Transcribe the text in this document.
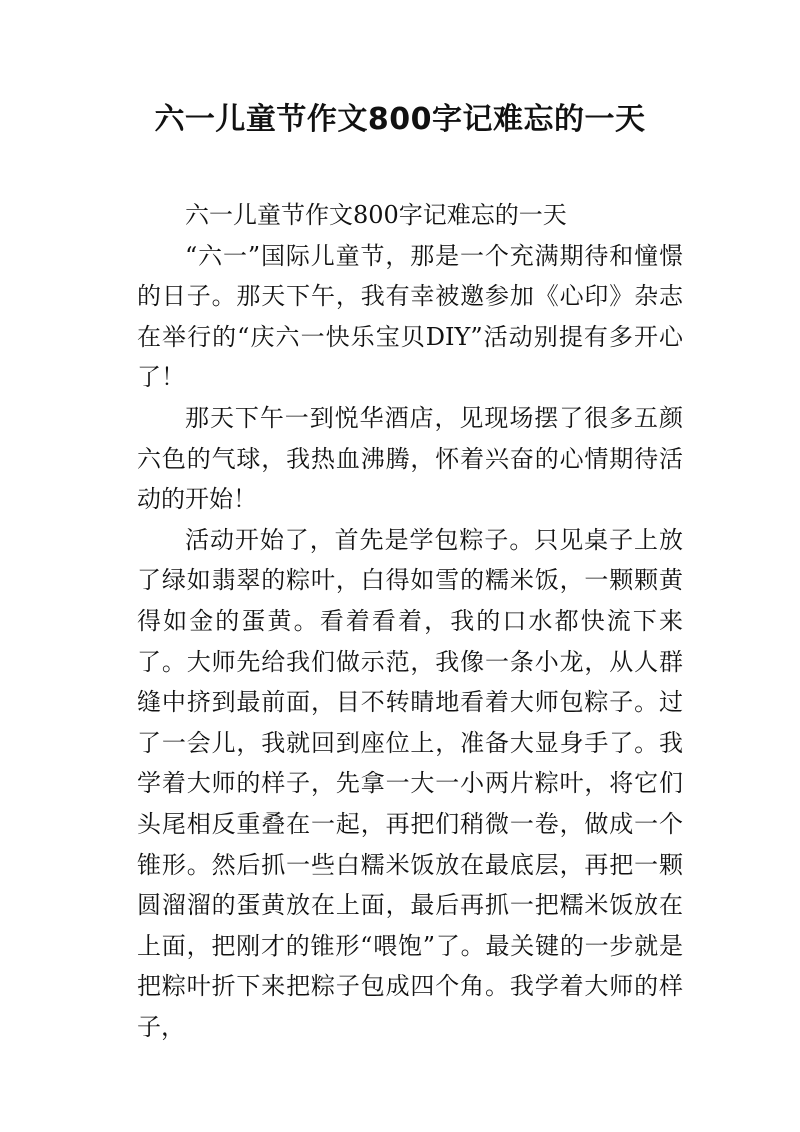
六一儿童节作文800字记难忘的一天

六一儿童节作文800字记难忘的一天

“六一”国际儿童节，那是一个充满期待和憧憬的日子。那天下午，我有幸被邀参加《心印》杂志在举行的“庆六一快乐宝贝DIY”活动别提有多开心了！

那天下午一到悦华酒店，见现场摆了很多五颜六色的气球，我热血沸腾，怀着兴奋的心情期待活动的开始！

活动开始了，首先是学包粽子。只见桌子上放了绿如翡翠的粽叶，白得如雪的糯米饭，一颗颗黄得如金的蛋黄。看着看着，我的口水都快流下来了。大师先给我们做示范，我像一条小龙，从人群缝中挤到最前面，目不转睛地看着大师包粽子。过了一会儿，我就回到座位上，准备大显身手了。我学着大师的样子，先拿一大一小两片粽叶，将它们头尾相反重叠在一起，再把们稍微一卷，做成一个锥形。然后抓一些白糯米饭放在最底层，再把一颗圆溜溜的蛋黄放在上面，最后再抓一把糯米饭放在上面，把刚才的锥形“喂饱”了。最关键的一步就是把粽叶折下来把粽子包成四个角。我学着大师的样子，
